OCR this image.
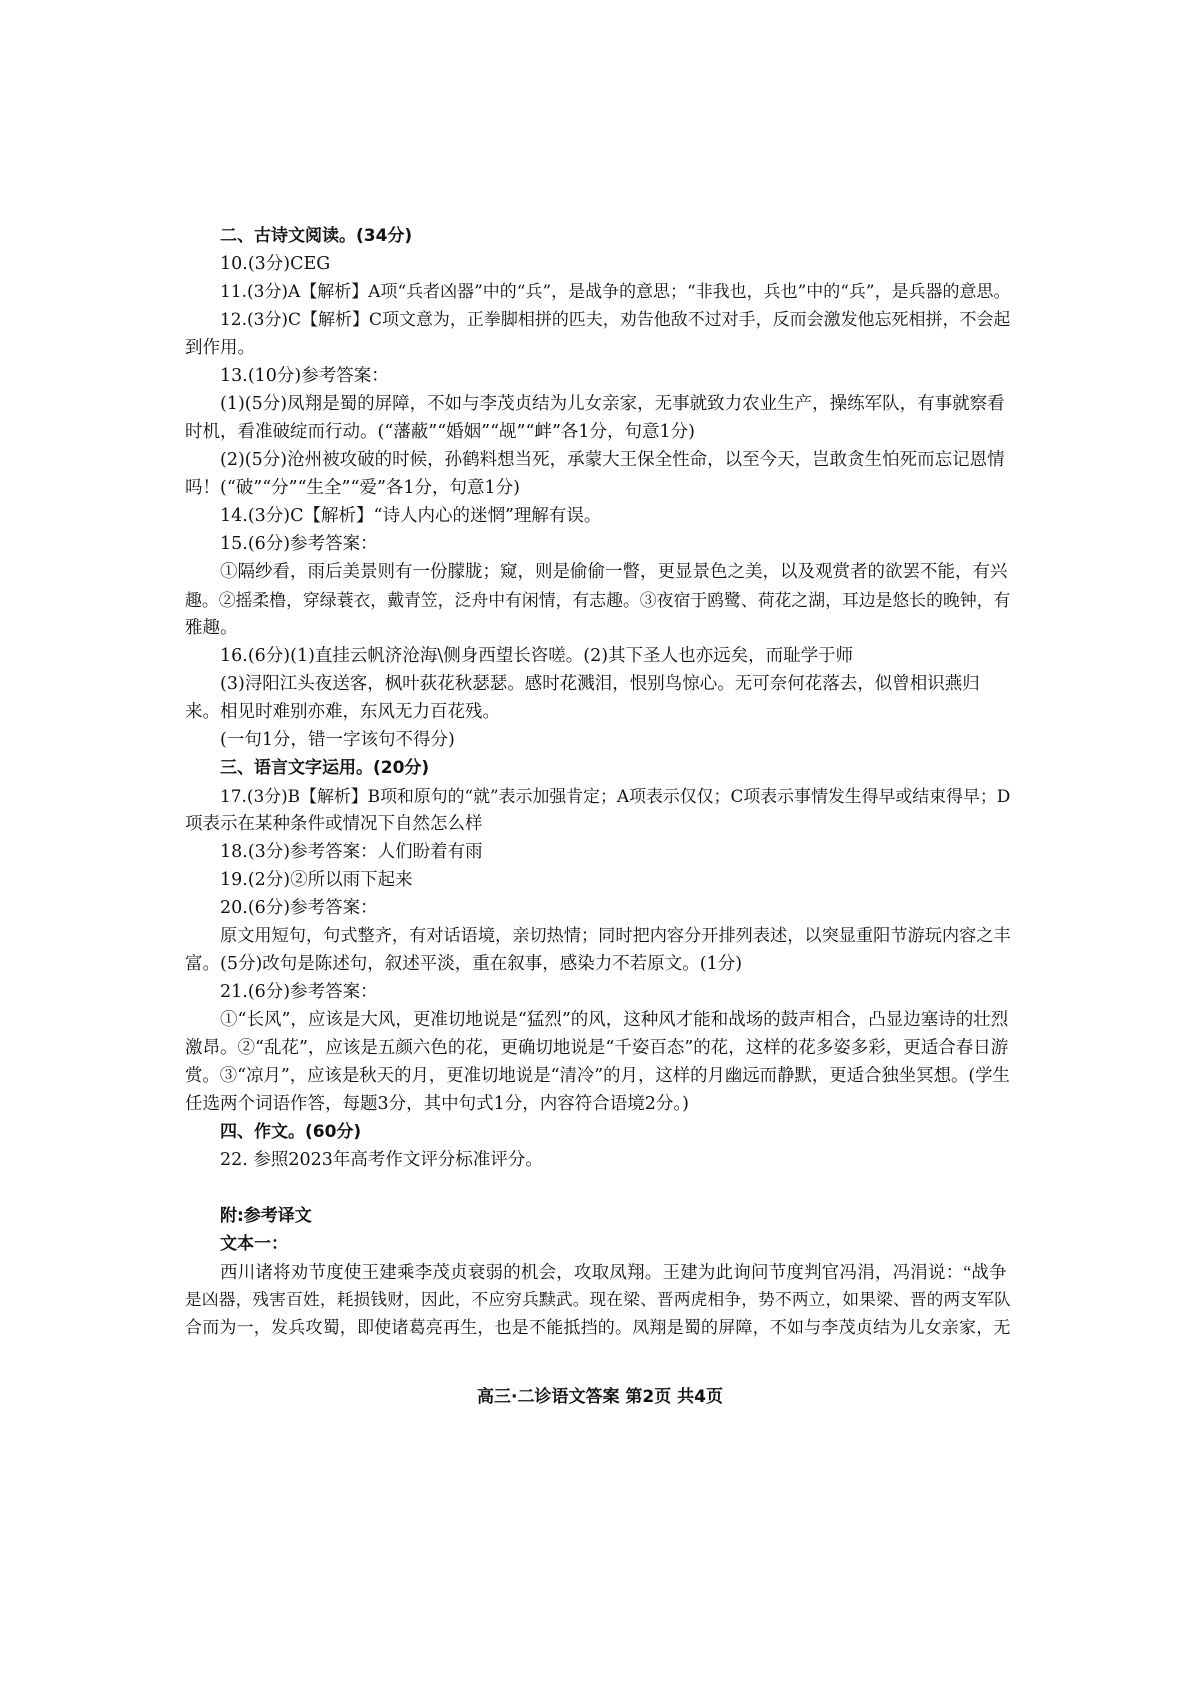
二、古诗文阅读。(34分)
10.(3分)CEG
11.(3分)A【解析】A项“兵者凶器”中的“兵”，是战争的意思；“非我也，兵也”中的“兵”，是兵器的意思。
12.(3分)C【解析】C项文意为，正拳脚相拼的匹夫，劝告他敌不过对手，反而会激发他忘死相拼，不会起
到作用。
13.(10分)参考答案：
(1)(5分)凤翔是蜀的屏障，不如与李茂贞结为儿女亲家，无事就致力农业生产，操练军队，有事就察看
时机，看准破绽而行动。(“藩蔽”“婚姻”“觇”“衅”各1分，句意1分)
(2)(5分)沧州被攻破的时候，孙鹤料想当死，承蒙大王保全性命，以至今天，岂敢贪生怕死而忘记恩情
吗！(“破”“分”“生全”“爱”各1分，句意1分)
14.(3分)C【解析】“诗人内心的迷惘”理解有误。
15.(6分)参考答案：
①隔纱看，雨后美景则有一份朦胧；窥，则是偷偷一瞥，更显景色之美，以及观赏者的欲罢不能，有兴
趣。②摇柔橹，穿绿蓑衣，戴青笠，泛舟中有闲情，有志趣。③夜宿于鸥鹭、荷花之湖，耳边是悠长的晚钟，有
雅趣。
16.(6分)(1)直挂云帆济沧海\侧身西望长咨嗟。(2)其下圣人也亦远矣，而耻学于师
(3)浔阳江头夜送客，枫叶荻花秋瑟瑟。感时花溅泪，恨别鸟惊心。无可奈何花落去，似曾相识燕归
来。相见时难别亦难，东风无力百花残。
(一句1分，错一字该句不得分)
三、语言文字运用。(20分)
17.(3分)B【解析】B项和原句的“就”表示加强肯定；A项表示仅仅；C项表示事情发生得早或结束得早；D
项表示在某种条件或情况下自然怎么样
18.(3分)参考答案：人们盼着有雨
19.(2分)②所以雨下起来
20.(6分)参考答案：
原文用短句，句式整齐，有对话语境，亲切热情；同时把内容分开排列表述，以突显重阳节游玩内容之丰
富。(5分)改句是陈述句，叙述平淡，重在叙事，感染力不若原文。(1分)
21.(6分)参考答案：
①“长风”，应该是大风，更准切地说是“猛烈”的风，这种风才能和战场的鼓声相合，凸显边塞诗的壮烈
激昂。②“乱花”，应该是五颜六色的花，更确切地说是“千姿百态”的花，这样的花多姿多彩，更适合春日游
赏。③“凉月”，应该是秋天的月，更准切地说是“清冷”的月，这样的月幽远而静默，更适合独坐冥想。(学生
任选两个词语作答，每题3分，其中句式1分，内容符合语境2分。)
四、作文。(60分)
22. 参照2023年高考作文评分标准评分。
附:参考译文
文本一：
西川诸将劝节度使王建乘李茂贞衰弱的机会，攻取凤翔。王建为此询问节度判官冯涓，冯涓说：“战争
是凶器，残害百姓，耗损钱财，因此，不应穷兵黩武。现在梁、晋两虎相争，势不两立，如果梁、晋的两支军队
合而为一，发兵攻蜀，即使诸葛亮再生，也是不能抵挡的。凤翔是蜀的屏障，不如与李茂贞结为儿女亲家，无
高三·二诊语文答案 第2页 共4页
